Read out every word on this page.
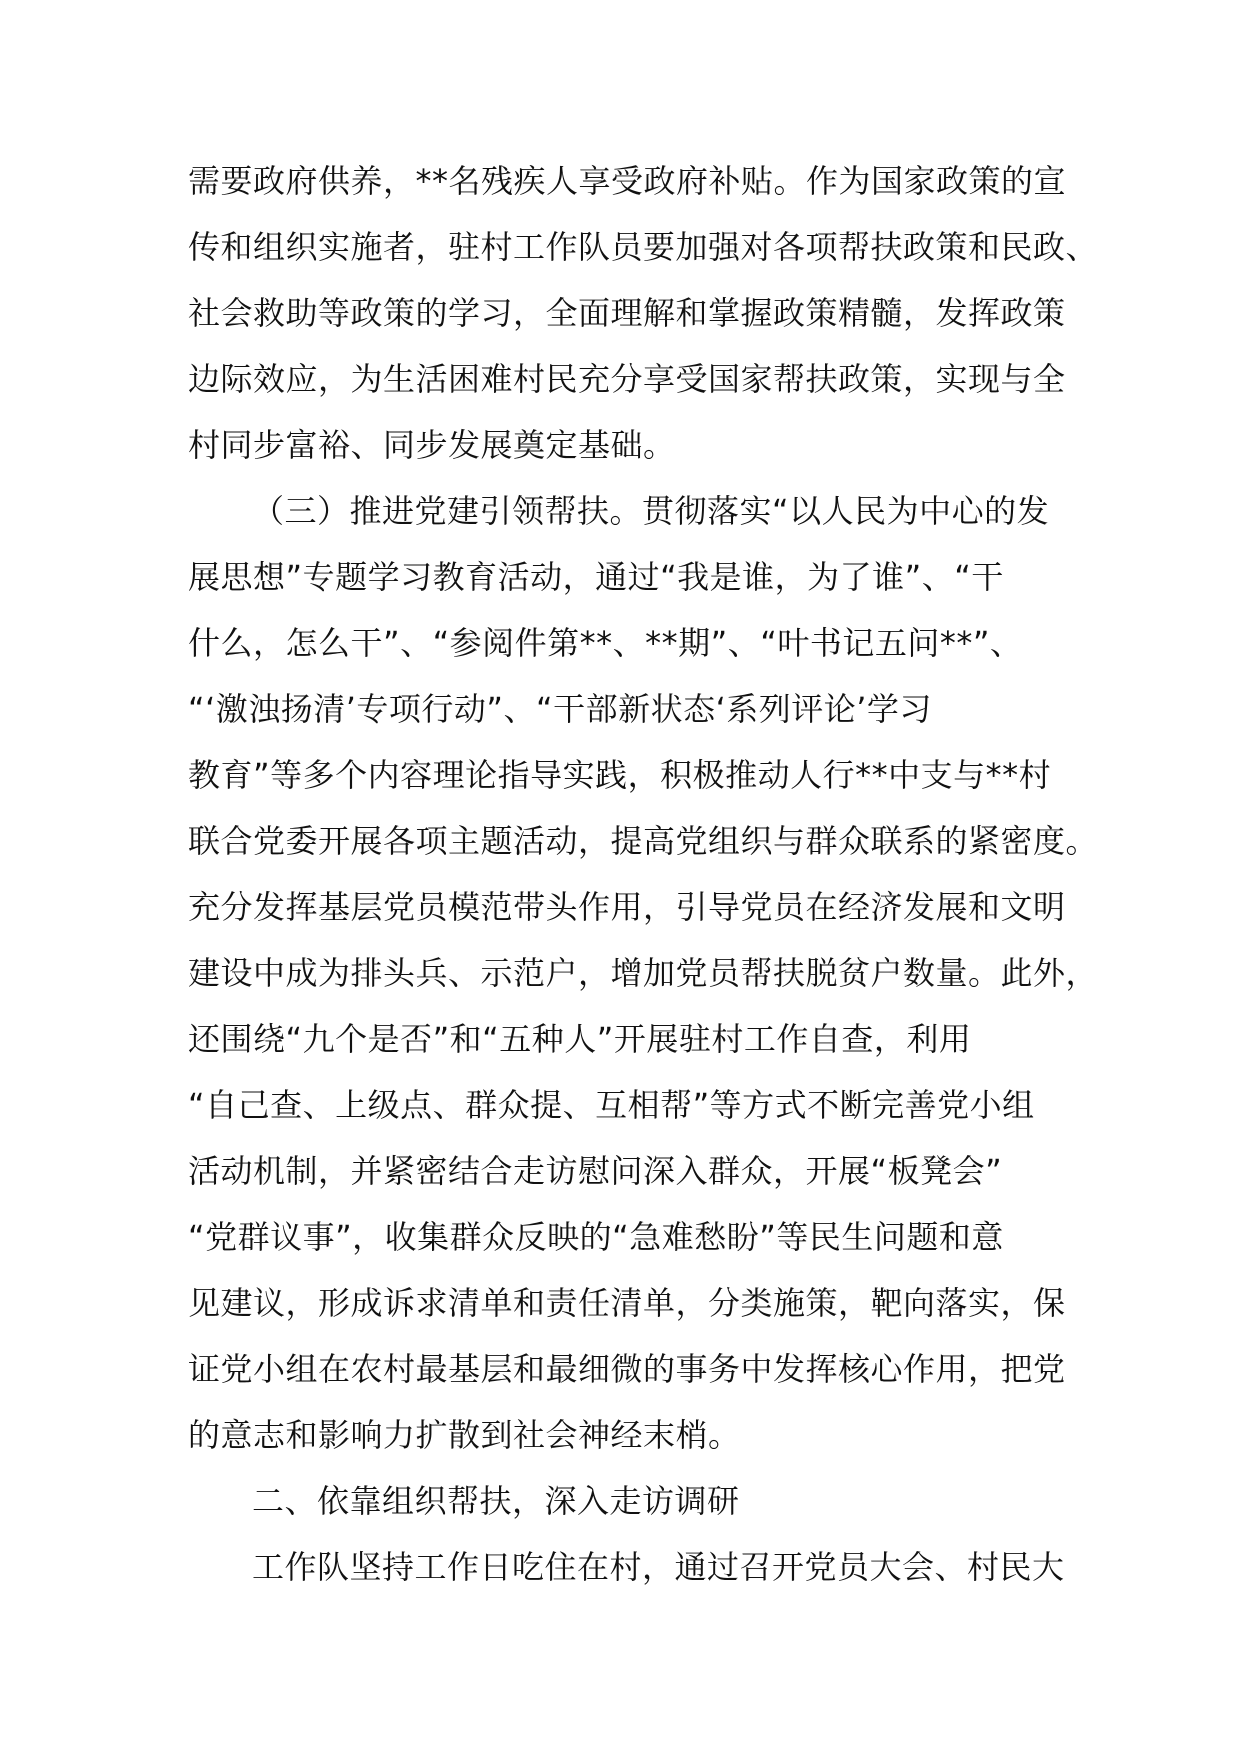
需要政府供养，**名残疾人享受政府补贴。作为国家政策的宣
传和组织实施者，驻村工作队员要加强对各项帮扶政策和民政、
社会救助等政策的学习，全面理解和掌握政策精髓，发挥政策
边际效应，为生活困难村民充分享受国家帮扶政策，实现与全
村同步富裕、同步发展奠定基础。
（三）推进党建引领帮扶。贯彻落实“以人民为中心的发
展思想”专题学习教育活动，通过“我是谁，为了谁”、“干
什么，怎么干”、“参阅件第**、**期”、“叶书记五问**”、
“‘激浊扬清’专项行动”、“干部新状态‘系列评论’学习
教育”等多个内容理论指导实践，积极推动人行**中支与**村
联合党委开展各项主题活动，提高党组织与群众联系的紧密度。
充分发挥基层党员模范带头作用，引导党员在经济发展和文明
建设中成为排头兵、示范户，增加党员帮扶脱贫户数量。此外，
还围绕“九个是否”和“五种人”开展驻村工作自查，利用
“自己查、上级点、群众提、互相帮”等方式不断完善党小组
活动机制，并紧密结合走访慰问深入群众，开展“板凳会”
“党群议事”，收集群众反映的“急难愁盼”等民生问题和意
见建议，形成诉求清单和责任清单，分类施策，靶向落实，保
证党小组在农村最基层和最细微的事务中发挥核心作用，把党
的意志和影响力扩散到社会神经末梢。
二、依靠组织帮扶，深入走访调研
工作队坚持工作日吃住在村，通过召开党员大会、村民大
